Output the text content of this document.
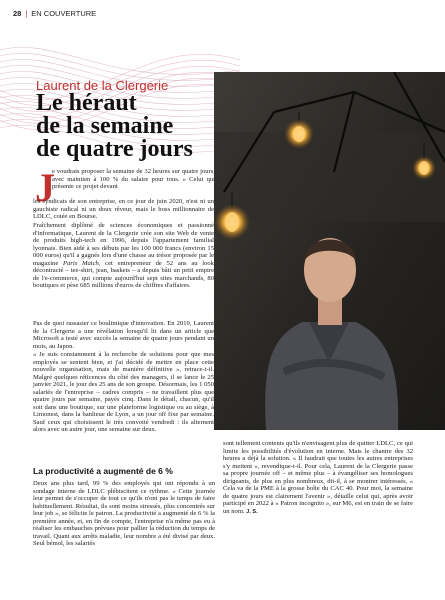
28 | EN COUVERTURE
Laurent de la Clergerie
Le héraut
de la semaine
de quatre jours
J

e voudrais proposer la semaine de 32 heures sur quatre jours, avec maintien à 100 % du salaire pour tous. » Celui qui présente ce projet devant

les syndicats de son entreprise, en ce jour de juin 2020, n'est ni un gauchiste radical ni un doux rêveur, mais le boss millionnaire de LDLC, cotée en Bourse.

Fraîchement diplômé de sciences économiques et passionné d'informatique, Laurent de la Clergerie crée son site Web de vente de produits high-tech en 1996, depuis l'appartement familial lyonnais. Bien aidé à ses débuts par les 100 000 francs (environ 15 000 euros) qu'il a gagnés lors d'une chasse au trésor proposée par le magazine Paris Match, cet entrepreneur de 52 ans au look décontracté – tee-shirt, jean, baskets – a depuis bâti un petit empire de l'e-commerce, qui compte aujourd'hui sept sites marchands, 80 boutiques et pèse 685 millions d'euros de chiffres d'affaires.

Pas de quoi rassasier ce boulimique d'innovation. En 2019, Laurent de la Clergerie a une révélation lorsqu'il lit dans un article que Microsoft a testé avec succès la semaine de quatre jours pendant un mois, au Japon.

« Je suis constamment à la recherche de solutions pour que mes employés se sentent bien, et j'ai décidé de mettre en place cette nouvelle organisation, mais de manière définitive », retrace-t-il. Malgré quelques réticences du côté des managers, il se lance le 25 janvier 2021, le jour des 25 ans de son groupe. Désormais, les 1 050 salariés de l'entreprise – cadres compris – ne travaillent plus que quatre jours par semaine, payés cinq. Dans le détail, chacun, qu'il soit dans une boutique, sur une plateforme logistique ou au siège, à Limonest, dans la banlieue de Lyon, a un jour off fixe par semaine. Sauf ceux qui choisissent le très convoité vendredi : ils alternent alors avec un autre jour, une semaine sur deux.

La productivité a augmenté de 6 %

Deux ans plus tard, 99 % des employés qui ont répondu à un sondage interne de LDLC plébiscitent ce rythme. « Cette journée leur permet de s'occuper de tout ce qu'ils n'ont pas le temps de faire habituellement. Résultat, ils sont moins stressés, plus concentrés sur leur job », se félicite le patron. La productivité a augmenté de 6 % la première année, et, en fin de compte, l'entreprise n'a même pas eu à réaliser les embauches prévues pour pallier la réduction du temps de travail. Quant aux arrêts maladie, leur nombre a été divisé par deux. Seul bémol, les salariés

sont tellement contents qu'ils n'envisagent plus de quitter LDLC, ce qui limite les possibilités d'évolution en interne. Mais le chantre des 32 heures a déjà la solution. « Il faudrait que toutes les autres entreprises s'y mettent », revendique-t-il. Pour cela, Laurent de la Clergerie passe sa propre journée off – et même plus – à évangéliser ses homologues dirigeants, de plus en plus nombreux, dit-il, à se montrer intéressés. « Cela va de la PME à la grosse boîte du CAC 40. Pour moi, la semaine de quatre jours est clairement l'avenir », détaille celui qui, après avoir participé en 2022 à « Patron incognito », sur M6, est en train de se faire un nom. J. S.
